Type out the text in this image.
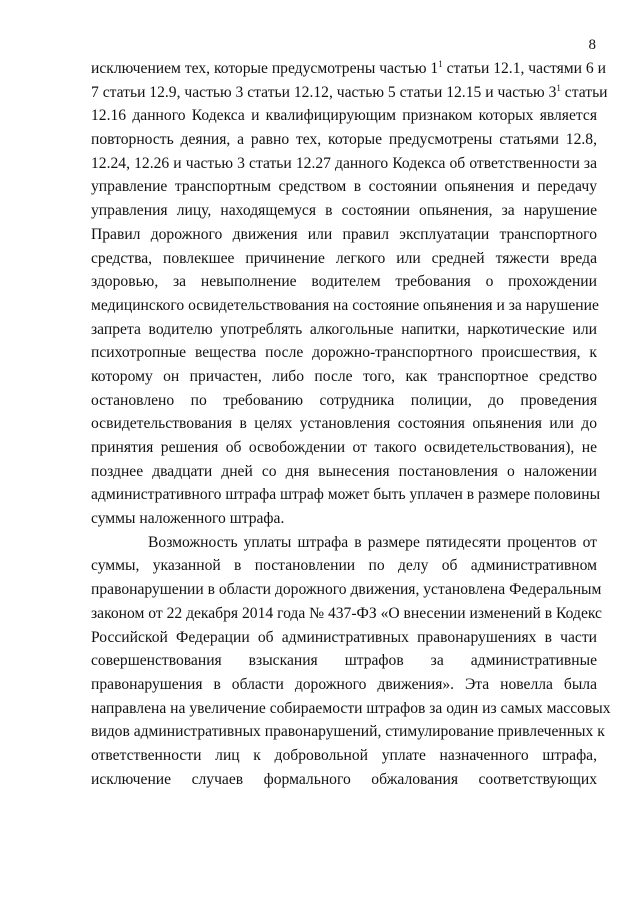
8
исключением тех, которые предусмотрены частью $1^1$ статьи 12.1, частями 6 и
7 статьи 12.9, частью 3 статьи 12.12, частью 5 статьи 12.15 и частью $3^1$ статьи
12.16 данного Кодекса и квалифицирующим признаком которых является
повторность деяния, а равно тех, которые предусмотрены статьями 12.8,
12.24, 12.26 и частью 3 статьи 12.27 данного Кодекса об ответственности за
управление транспортным средством в состоянии опьянения и передачу
управления лицу, находящемуся в состоянии опьянения, за нарушение
Правил дорожного движения или правил эксплуатации транспортного
средства, повлекшее причинение легкого или средней тяжести вреда
здоровью, за невыполнение водителем требования о прохождении
медицинского освидетельствования на состояние опьянения и за нарушение
запрета водителю употреблять алкогольные напитки, наркотические или
психотропные вещества после дорожно-транспортного происшествия, к
которому он причастен, либо после того, как транспортное средство
остановлено по требованию сотрудника полиции, до проведения
освидетельствования в целях установления состояния опьянения или до
принятия решения об освобождении от такого освидетельствования), не
позднее двадцати дней со дня вынесения постановления о наложении
административного штрафа штраф может быть уплачен в размере половины
суммы наложенного штрафа.
Возможность уплаты штрафа в размере пятидесяти процентов от
суммы, указанной в постановлении по делу об административном
правонарушении в области дорожного движения, установлена Федеральным
законом от 22 декабря 2014 года № 437-ФЗ «О внесении изменений в Кодекс
Российской Федерации об административных правонарушениях в части
совершенствования взыскания штрафов за административные
правонарушения в области дорожного движения». Эта новелла была
направлена на увеличение собираемости штрафов за один из самых массовых
видов административных правонарушений, стимулирование привлеченных к
ответственности лиц к добровольной уплате назначенного штрафа,
исключение случаев формального обжалования соответствующих
